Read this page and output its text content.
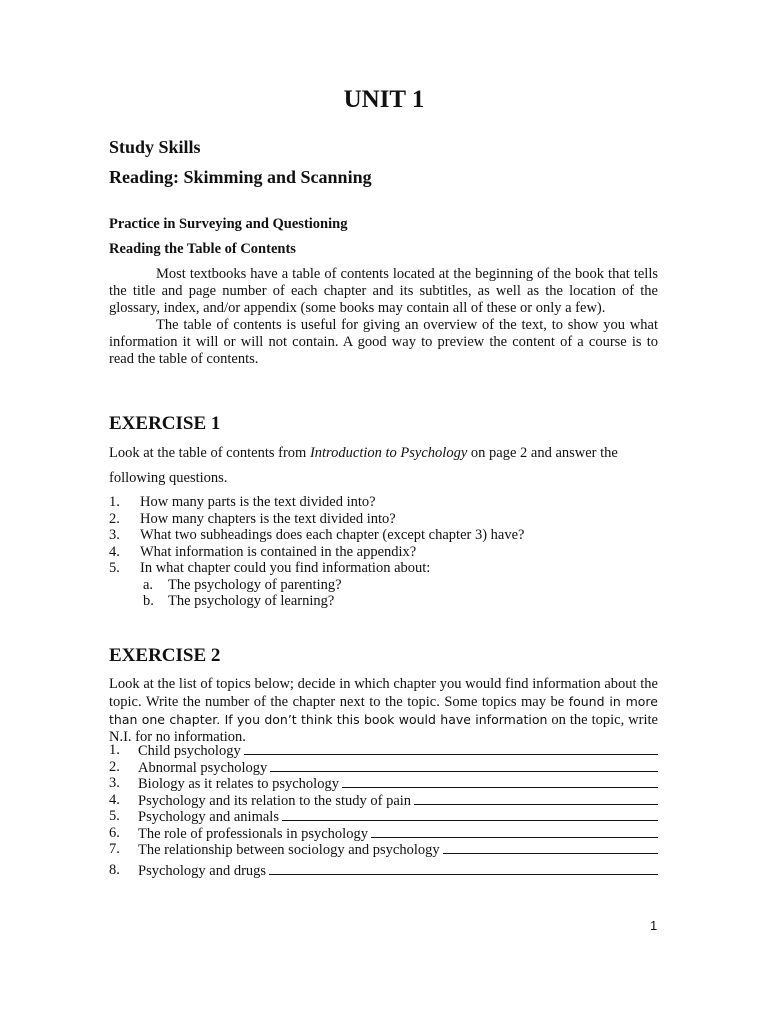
UNIT 1
Study Skills
Reading: Skimming and Scanning
Practice in Surveying and Questioning
Reading the Table of Contents

Most textbooks have a table of contents located at the beginning of the book that tells the title and page number of each chapter and its subtitles, as well as the location of the glossary, index, and/or appendix (some books may contain all of these or only a few).

The table of contents is useful for giving an overview of the text, to show you what information it will or will not contain. A good way to preview the content of a course is to read the table of contents.

EXERCISE 1
Look at the table of contents from Introduction to Psychology on page 2 and answer the
following questions.
1. How many parts is the text divided into?
2. How many chapters is the text divided into?
3. What two subheadings does each chapter (except chapter 3) have?
4. What information is contained in the appendix?
5. In what chapter could you find information about:
a. The psychology of parenting?
b. The psychology of learning?
EXERCISE 2
Look at the list of topics below; decide in which chapter you would find information about the topic. Write the number of the chapter next to the topic. Some topics may be found in more than one chapter. If you don’t think this book would have information on the topic, write N.I. for no information.
1. Child psychology
2. Abnormal psychology
3. Biology as it relates to psychology
4. Psychology and its relation to the study of pain
5. Psychology and animals
6. The role of professionals in psychology
7. The relationship between sociology and psychology
8. Psychology and drugs
1
